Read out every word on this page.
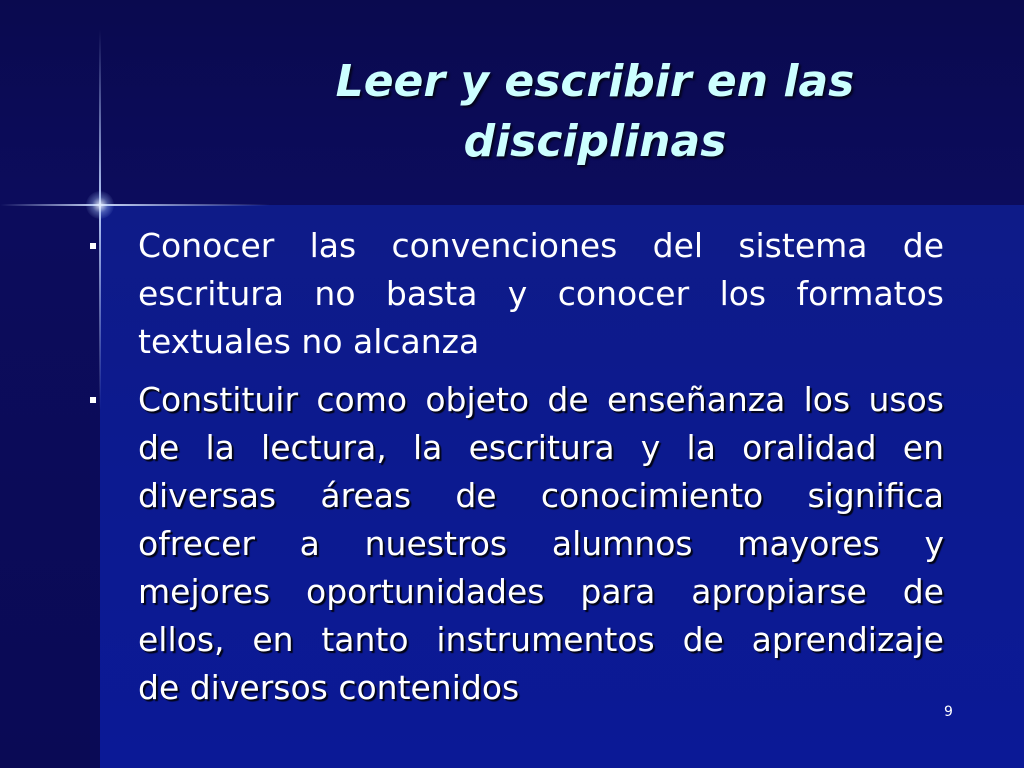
Leer y escribir en las
disciplinas
Conocer las convenciones del sistema de
escritura no basta y conocer los formatos
textuales no alcanza
Constituir como objeto de enseñanza los usos
de la lectura, la escritura y la oralidad en
diversas áreas de conocimiento significa
ofrecer a nuestros alumnos mayores y
mejores oportunidades para apropiarse de
ellos, en tanto instrumentos de aprendizaje
de diversos contenidos
9
